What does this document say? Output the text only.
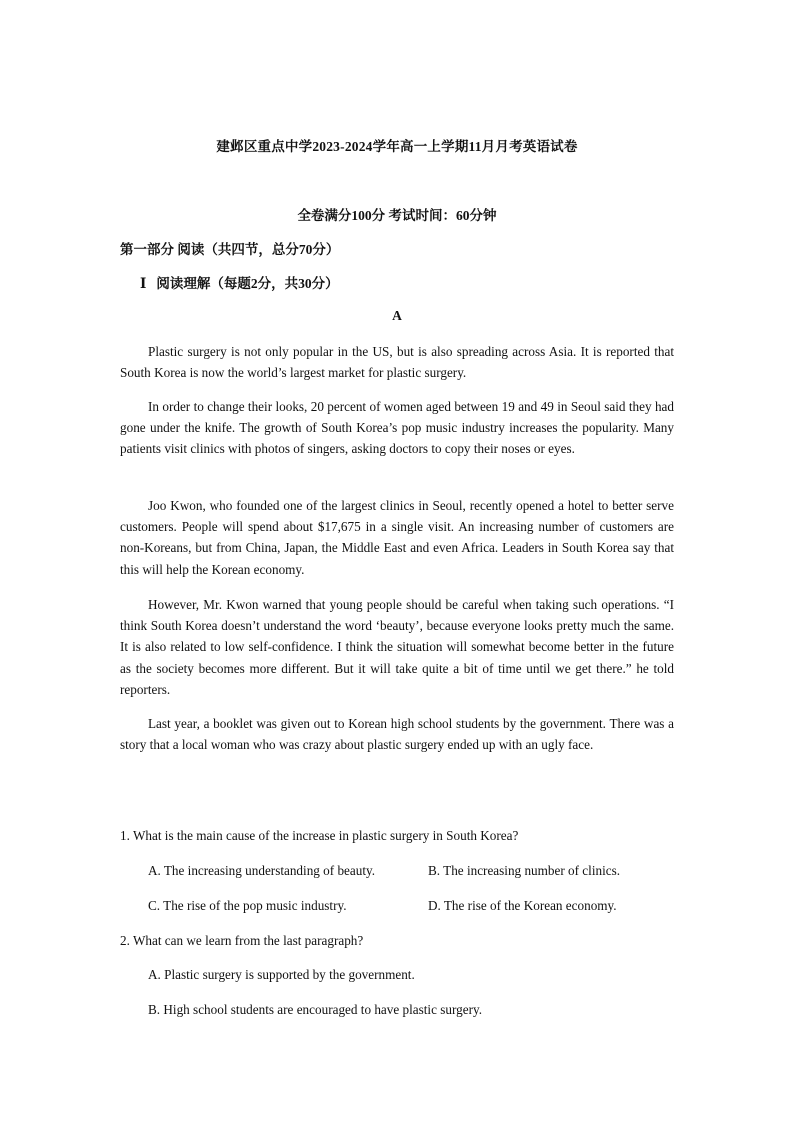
建邺区重点中学2023-2024学年高一上学期11月月考英语试卷
全卷满分100分 考试时间：60分钟
第一部分 阅读（共四节，总分70分）
Ⅰ 阅读理解（每题2分，共30分）
A

Plastic surgery is not only popular in the US, but is also spreading across Asia. It is reported that South Korea is now the world’s largest market for plastic surgery.

In order to change their looks, 20 percent of women aged between 19 and 49 in Seoul said they had gone under the knife. The growth of South Korea’s pop music industry increases the popularity. Many patients visit clinics with photos of singers, asking doctors to copy their noses or eyes.

Joo Kwon, who founded one of the largest clinics in Seoul, recently opened a hotel to better serve customers. People will spend about $17,675 in a single visit. An increasing number of customers are non-Koreans, but from China, Japan, the Middle East and even Africa. Leaders in South Korea say that this will help the Korean economy.

However, Mr. Kwon warned that young people should be careful when taking such operations. “I think South Korea doesn’t understand the word ‘beauty’, because everyone looks pretty much the same. It is also related to low self-confidence. I think the situation will somewhat become better in the future as the society becomes more different. But it will take quite a bit of time until we get there.” he told reporters.

Last year, a booklet was given out to Korean high school students by the government. There was a story that a local woman who was crazy about plastic surgery ended up with an ugly face.

1. What is the main cause of the increase in plastic surgery in South Korea?

A. The increasing understanding of beauty.	B. The increasing number of clinics.

C. The rise of the pop music industry.	D. The rise of the Korean economy.

2. What can we learn from the last paragraph?

A. Plastic surgery is supported by the government.

B. High school students are encouraged to have plastic surgery.
